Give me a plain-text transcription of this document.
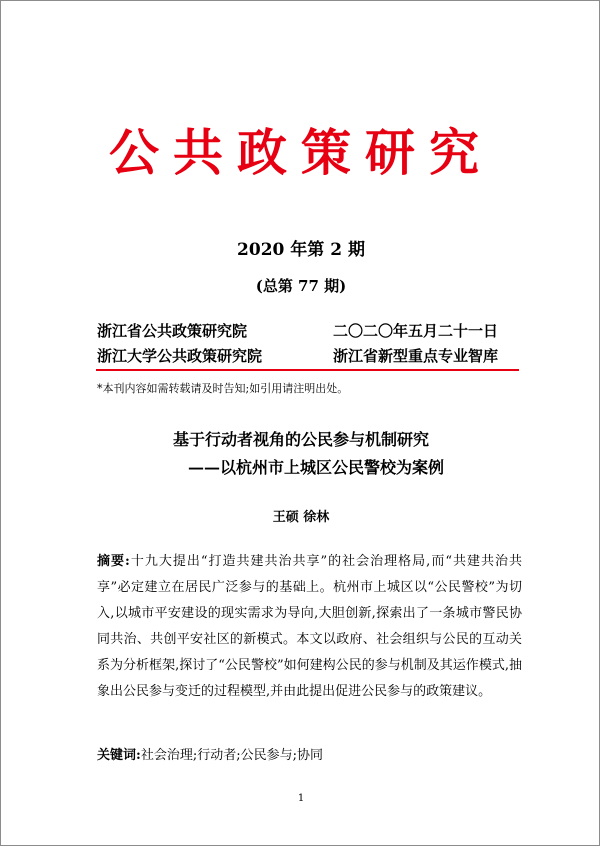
公共政策研究
2020 年第 2 期
(总第 77 期)
浙江省公共政策研究院	二〇二〇年五月二十一日
浙江大学公共政策研究院	浙江省新型重点专业智库
*本刊内容如需转载请及时告知;如引用请注明出处。
基于行动者视角的公民参与机制研究
——以杭州市上城区公民警校为案例
王硕 徐林
摘要:十九大提出“打造共建共治共享”的社会治理格局,而“共建共治共享”必定建立在居民广泛参与的基础上。杭州市上城区以“公民警校”为切入,以城市平安建设的现实需求为导向,大胆创新,探索出了一条城市警民协同共治、共创平安社区的新模式。本文以政府、社会组织与公民的互动关系为分析框架,探讨了“公民警校”如何建构公民的参与机制及其运作模式,抽象出公民参与变迁的过程模型,并由此提出促进公民参与的政策建议。
关键词:社会治理;行动者;公民参与;协同
1
